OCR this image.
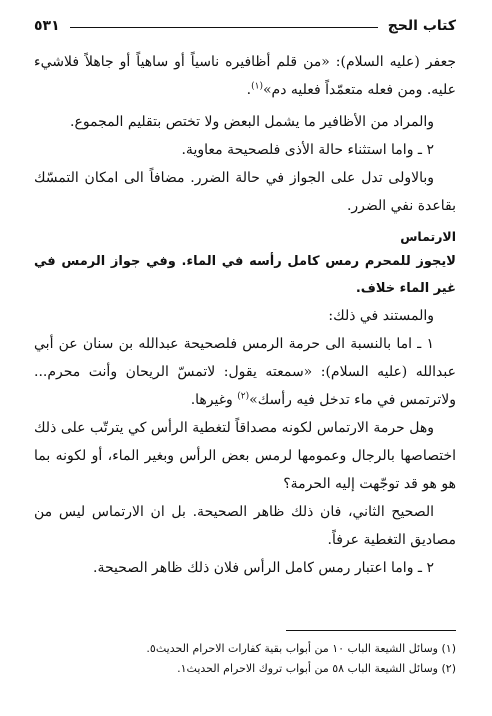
كتاب الحج
٥٣١

جعفر (عليه السلام): «من قلم أظافيره ناسياً أو ساهياً أو جاهلاً فلاشيء عليه. ومن فعله متعمّداً فعليه دم»$^{(١)}$.

والمراد من الأظافير ما يشمل البعض ولا تختص بتقليم المجموع.

٢ ـ واما استثناء حالة الأذى فلصحيحة معاوية.

وبالاولى تدل على الجواز في حالة الضرر. مضافاً الى امكان التمسّك بقاعدة نفي الضرر.

الارتماس

لايجوز للمحرم رمس كامل رأسه في الماء. وفي جواز الرمس في غير الماء خلاف.

والمستند في ذلك:

١ ـ اما بالنسبة الى حرمة الرمس فلصحيحة عبدالله بن سنان عن أبي عبدالله (عليه السلام): «سمعته يقول: لاتمسّ الريحان وأنت محرم... ولاترتمس في ماء تدخل فيه رأسك»$^{(٢)}$ وغيرها.

وهل حرمة الارتماس لكونه مصداقاً لتغطية الرأس كي يترتّب على ذلك اختصاصها بالرجال وعمومها لرمس بعض الرأس وبغير الماء، أو لكونه بما هو هو قد توجّهت إليه الحرمة؟

الصحيح الثاني، فان ذلك ظاهر الصحيحة. بل ان الارتماس ليس من مصاديق التغطية عرفاً.

٢ ـ واما اعتبار رمس كامل الرأس فلان ذلك ظاهر الصحيحة.

(١) وسائل الشيعة الباب ١٠ من أبواب بقية كفارات الاحرام الحديث٥.
(٢) وسائل الشيعة الباب ٥٨ من أبواب تروك الاحرام الحديث١.
